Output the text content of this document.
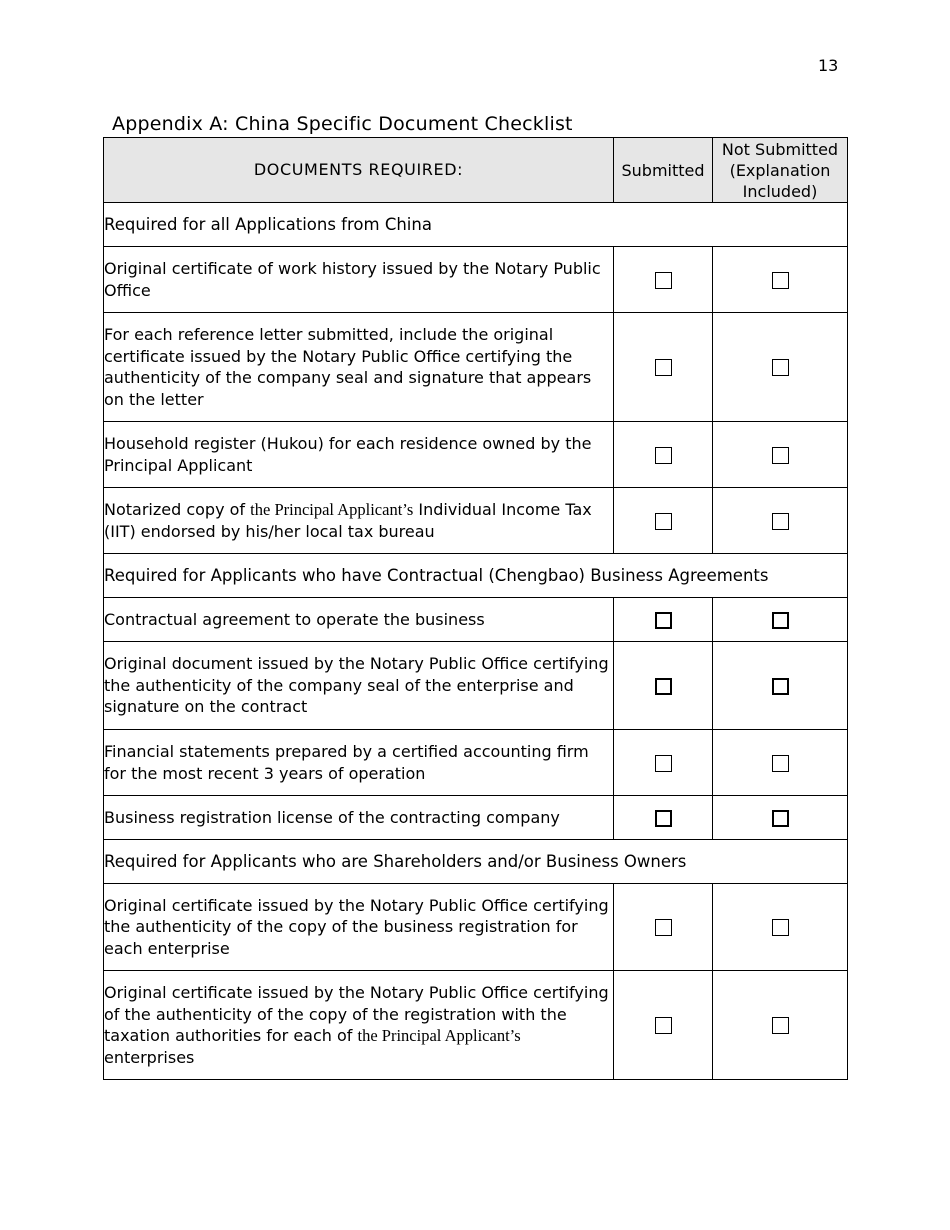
13
Appendix A: China Specific Document Checklist
DOCUMENTS REQUIRED:	Submitted	Not Submitted
(Explanation
Included)

Required for all Applications from China		
Original certificate of work history issued by the Notary Public Office		
For each reference letter submitted, include the original certificate issued by the Notary Public Office certifying the authenticity of the company seal and signature that appears on the letter		
Household register (Hukou) for each residence owned by the Principal Applicant		
Notarized copy of the Principal Applicant’s Individual Income Tax (IIT) endorsed by his/her local tax bureau		
Required for Applicants who have Contractual (Chengbao) Business Agreements		
Contractual agreement to operate the business		
Original document issued by the Notary Public Office certifying the authenticity of the company seal of the enterprise and signature on the contract		
Financial statements prepared by a certified accounting firm for the most recent 3 years of operation		
Business registration license of the contracting company		
Required for Applicants who are Shareholders and/or Business Owners		
Original certificate issued by the Notary Public Office certifying the authenticity of the copy of the business registration for each enterprise		
Original certificate issued by the Notary Public Office certifying of the authenticity of the copy of the registration with the taxation authorities for each of the Principal Applicant’s enterprises		
